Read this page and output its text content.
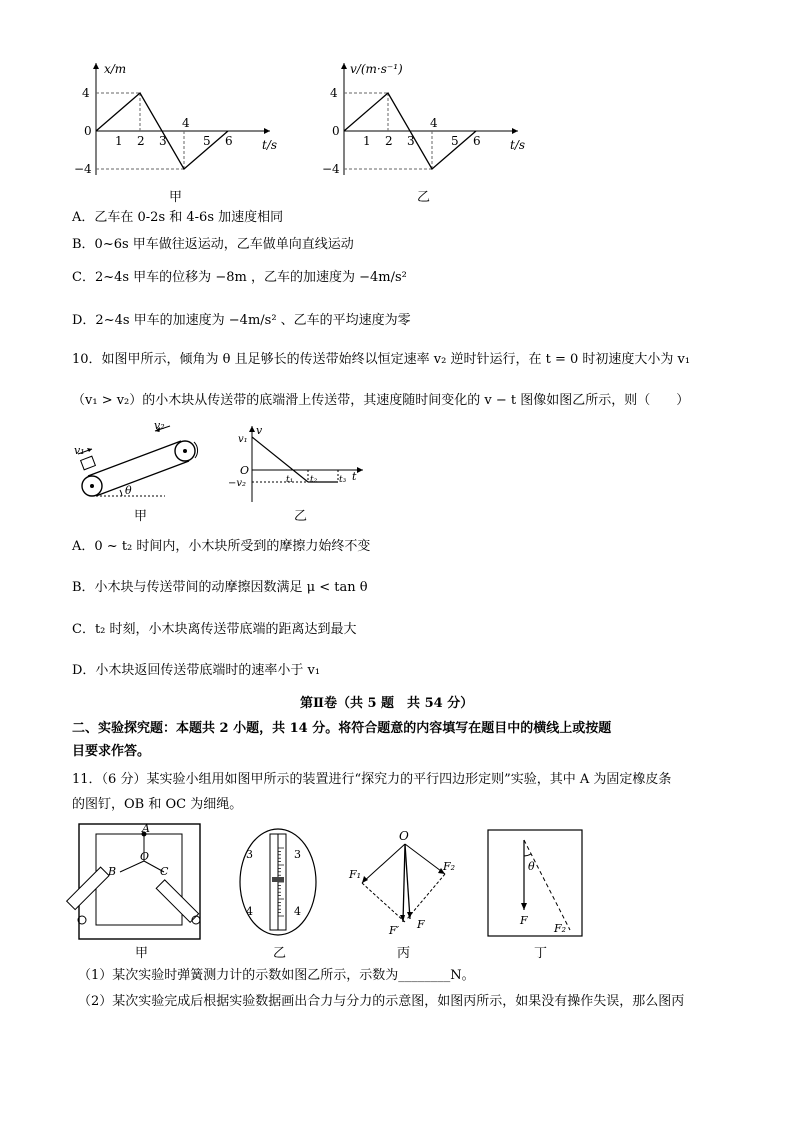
x/m
t/s
4
−4
0
1 2 3	5 6
4
甲
v/(m·s⁻¹)
t/s
4
−4
0
1 2 3	5 6
4
乙
A．乙车在 0-2s 和 4-6s 加速度相同
B．0~6s 甲车做往返运动，乙车做单向直线运动
C．2~4s 甲车的位移为 −8m ，乙车的加速度为 −4m/s²
D．2~4s 甲车的加速度为 −4m/s² 、乙车的平均速度为零
10．如图甲所示，倾角为 θ 且足够长的传送带始终以恒定速率 v₂ 逆时针运行，在 t = 0 时初速度大小为 v₁
（v₁ > v₂）的小木块从传送带的底端滑上传送带，其速度随时间变化的 v − t 图像如图乙所示，则（　　）
v₁
v₂
θ
甲
v
v₁
O
−v₂	t₁ t₂ t₃ t
乙
A．0 ~ t₂ 时间内，小木块所受到的摩擦力始终不变
B．小木块与传送带间的动摩擦因数满足 μ < tan θ
C．t₂ 时刻，小木块离传送带底端的距离达到最大
D．小木块返回传送带底端时的速率小于 v₁
第Ⅱ卷（共 5 题　共 54 分）
二、实验探究题：本题共 2 小题，共 14 分。将符合题意的内容填写在题目中的横线上或按题
目要求作答。
11．（6 分）某实验小组用如图甲所示的装置进行“探究力的平行四边形定则”实验，其中 A 为固定橡皮条
的图钉，OB 和 OC 为细绳。
A
B
O
C
甲
3	3
4	4
乙
O
F₁
F₂
F′ F
丙
θ
F
F₂
丁
（1）某次实验时弹簧测力计的示数如图乙所示，示数为________N。
（2）某次实验完成后根据实验数据画出合力与分力的示意图，如图丙所示，如果没有操作失误，那么图丙
